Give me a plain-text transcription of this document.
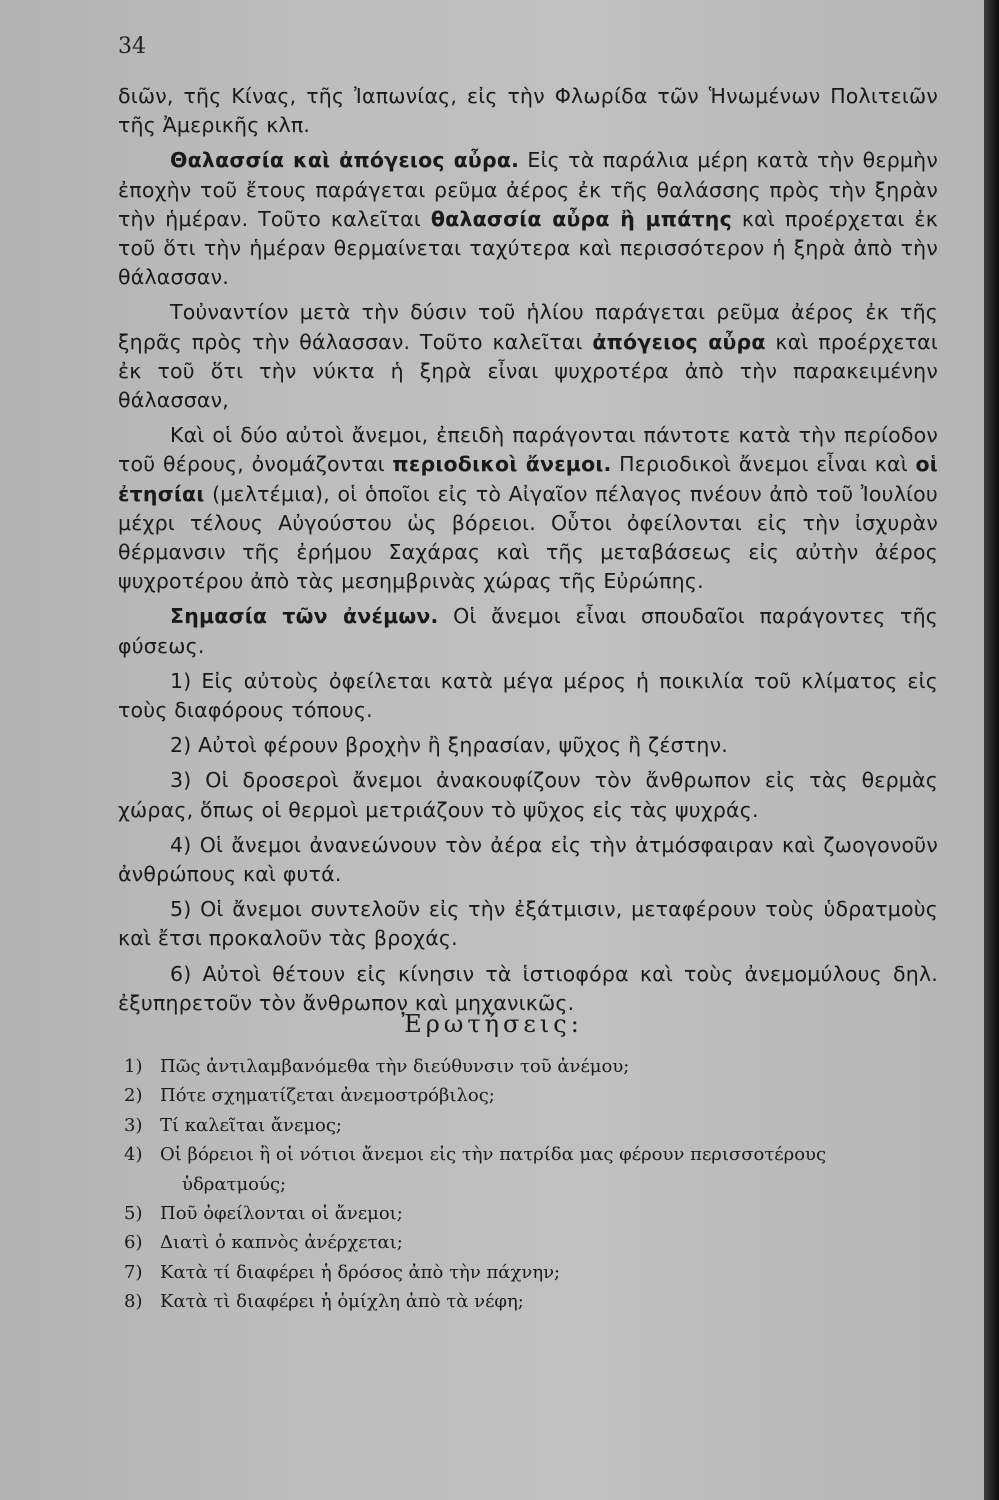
34

διῶν, τῆς Κίνας, τῆς Ἰαπωνίας, εἰς τὴν Φλωρίδα τῶν Ἡνωμένων Πολιτειῶν τῆς Ἀμερικῆς κλπ.

Θαλασσία καὶ ἀπόγειος αὖρα. Εἰς τὰ παράλια μέρη κατὰ τὴν θερμὴν ἐποχὴν τοῦ ἔτους παράγεται ρεῦμα ἀέρος ἐκ τῆς θαλάσσης πρὸς τὴν ξηρὰν τὴν ἡμέραν. Τοῦτο καλεῖται θαλασσία αὖρα ἢ μπάτης καὶ προέρχεται ἐκ τοῦ ὅτι τὴν ἡμέραν θερμαίνεται ταχύτερα καὶ περισσότερον ἡ ξηρὰ ἀπὸ τὴν θάλασσαν.

Τοὐναντίον μετὰ τὴν δύσιν τοῦ ἡλίου παράγεται ρεῦμα ἀέρος ἐκ τῆς ξηρᾶς πρὸς τὴν θάλασσαν. Τοῦτο καλεῖται ἀπόγειος αὖρα καὶ προέρχεται ἐκ τοῦ ὅτι τὴν νύκτα ἡ ξηρὰ εἶναι ψυχροτέρα ἀπὸ τὴν παρακειμένην θάλασσαν,

Καὶ οἱ δύο αὐτοὶ ἄνεμοι, ἐπειδὴ παράγονται πάντοτε κατὰ τὴν περίοδον τοῦ θέρους, ὀνομάζονται περιοδικοὶ ἄνεμοι. Περιοδικοὶ ἄνεμοι εἶναι καὶ οἱ ἐτησίαι (μελτέμια), οἱ ὁποῖοι εἰς τὸ Αἰγαῖον πέλαγος πνέουν ἀπὸ τοῦ Ἰουλίου μέχρι τέλους Αὐγούστου ὡς βόρειοι. Οὗτοι ὀφείλονται εἰς τὴν ἰσχυρὰν θέρμανσιν τῆς ἐρήμου Σαχάρας καὶ τῆς μεταβάσεως εἰς αὐτὴν ἀέρος ψυχροτέρου ἀπὸ τὰς μεσημβρινὰς χώρας τῆς Εὐρώπης.

Σημασία τῶν ἀνέμων. Οἱ ἄνεμοι εἶναι σπουδαῖοι παράγοντες τῆς φύσεως.

1) Εἰς αὐτοὺς ὀφείλεται κατὰ μέγα μέρος ἡ ποικιλία τοῦ κλίματος εἰς τοὺς διαφόρους τόπους.

2) Αὐτοὶ φέρουν βροχὴν ἢ ξηρασίαν, ψῦχος ἢ ζέστην.

3) Οἱ δροσεροὶ ἄνεμοι ἀνακουφίζουν τὸν ἄνθρωπον εἰς τὰς θερμὰς χώρας, ὅπως οἱ θερμοὶ μετριάζουν τὸ ψῦχος εἰς τὰς ψυχράς.

4) Οἱ ἄνεμοι ἀνανεώνουν τὸν ἀέρα εἰς τὴν ἀτμόσφαιραν καὶ ζωογονοῦν ἀνθρώπους καὶ φυτά.

5) Οἱ ἄνεμοι συντελοῦν εἰς τὴν ἐξάτμισιν, μεταφέρουν τοὺς ὑδρατμοὺς καὶ ἔτσι προκαλοῦν τὰς βροχάς.

6) Αὐτοὶ θέτουν εἰς κίνησιν τὰ ἱστιοφόρα καὶ τοὺς ἀνεμομύλους δηλ. ἐξυπηρετοῦν τὸν ἄνθρωπον καὶ μηχανικῶς.

Ἐρωτήσεις:
1) Πῶς ἀντιλαμβανόμεθα τὴν διεύθυνσιν τοῦ ἀνέμου;
2) Πότε σχηματίζεται ἀνεμοστρόβιλος;
3) Τί καλεῖται ἄνεμος;
4) Οἱ βόρειοι ἢ οἱ νότιοι ἄνεμοι εἰς τὴν πατρίδα μας φέρουν περισσοτέρους
ὑδρατμούς;
5) Ποῦ ὀφείλονται οἱ ἄνεμοι;
6) Διατὶ ὁ καπνὸς ἀνέρχεται;
7) Κατὰ τί διαφέρει ἡ δρόσος ἀπὸ τὴν πάχνην;
8) Κατὰ τὶ διαφέρει ἡ ὁμίχλη ἀπὸ τὰ νέφη;
